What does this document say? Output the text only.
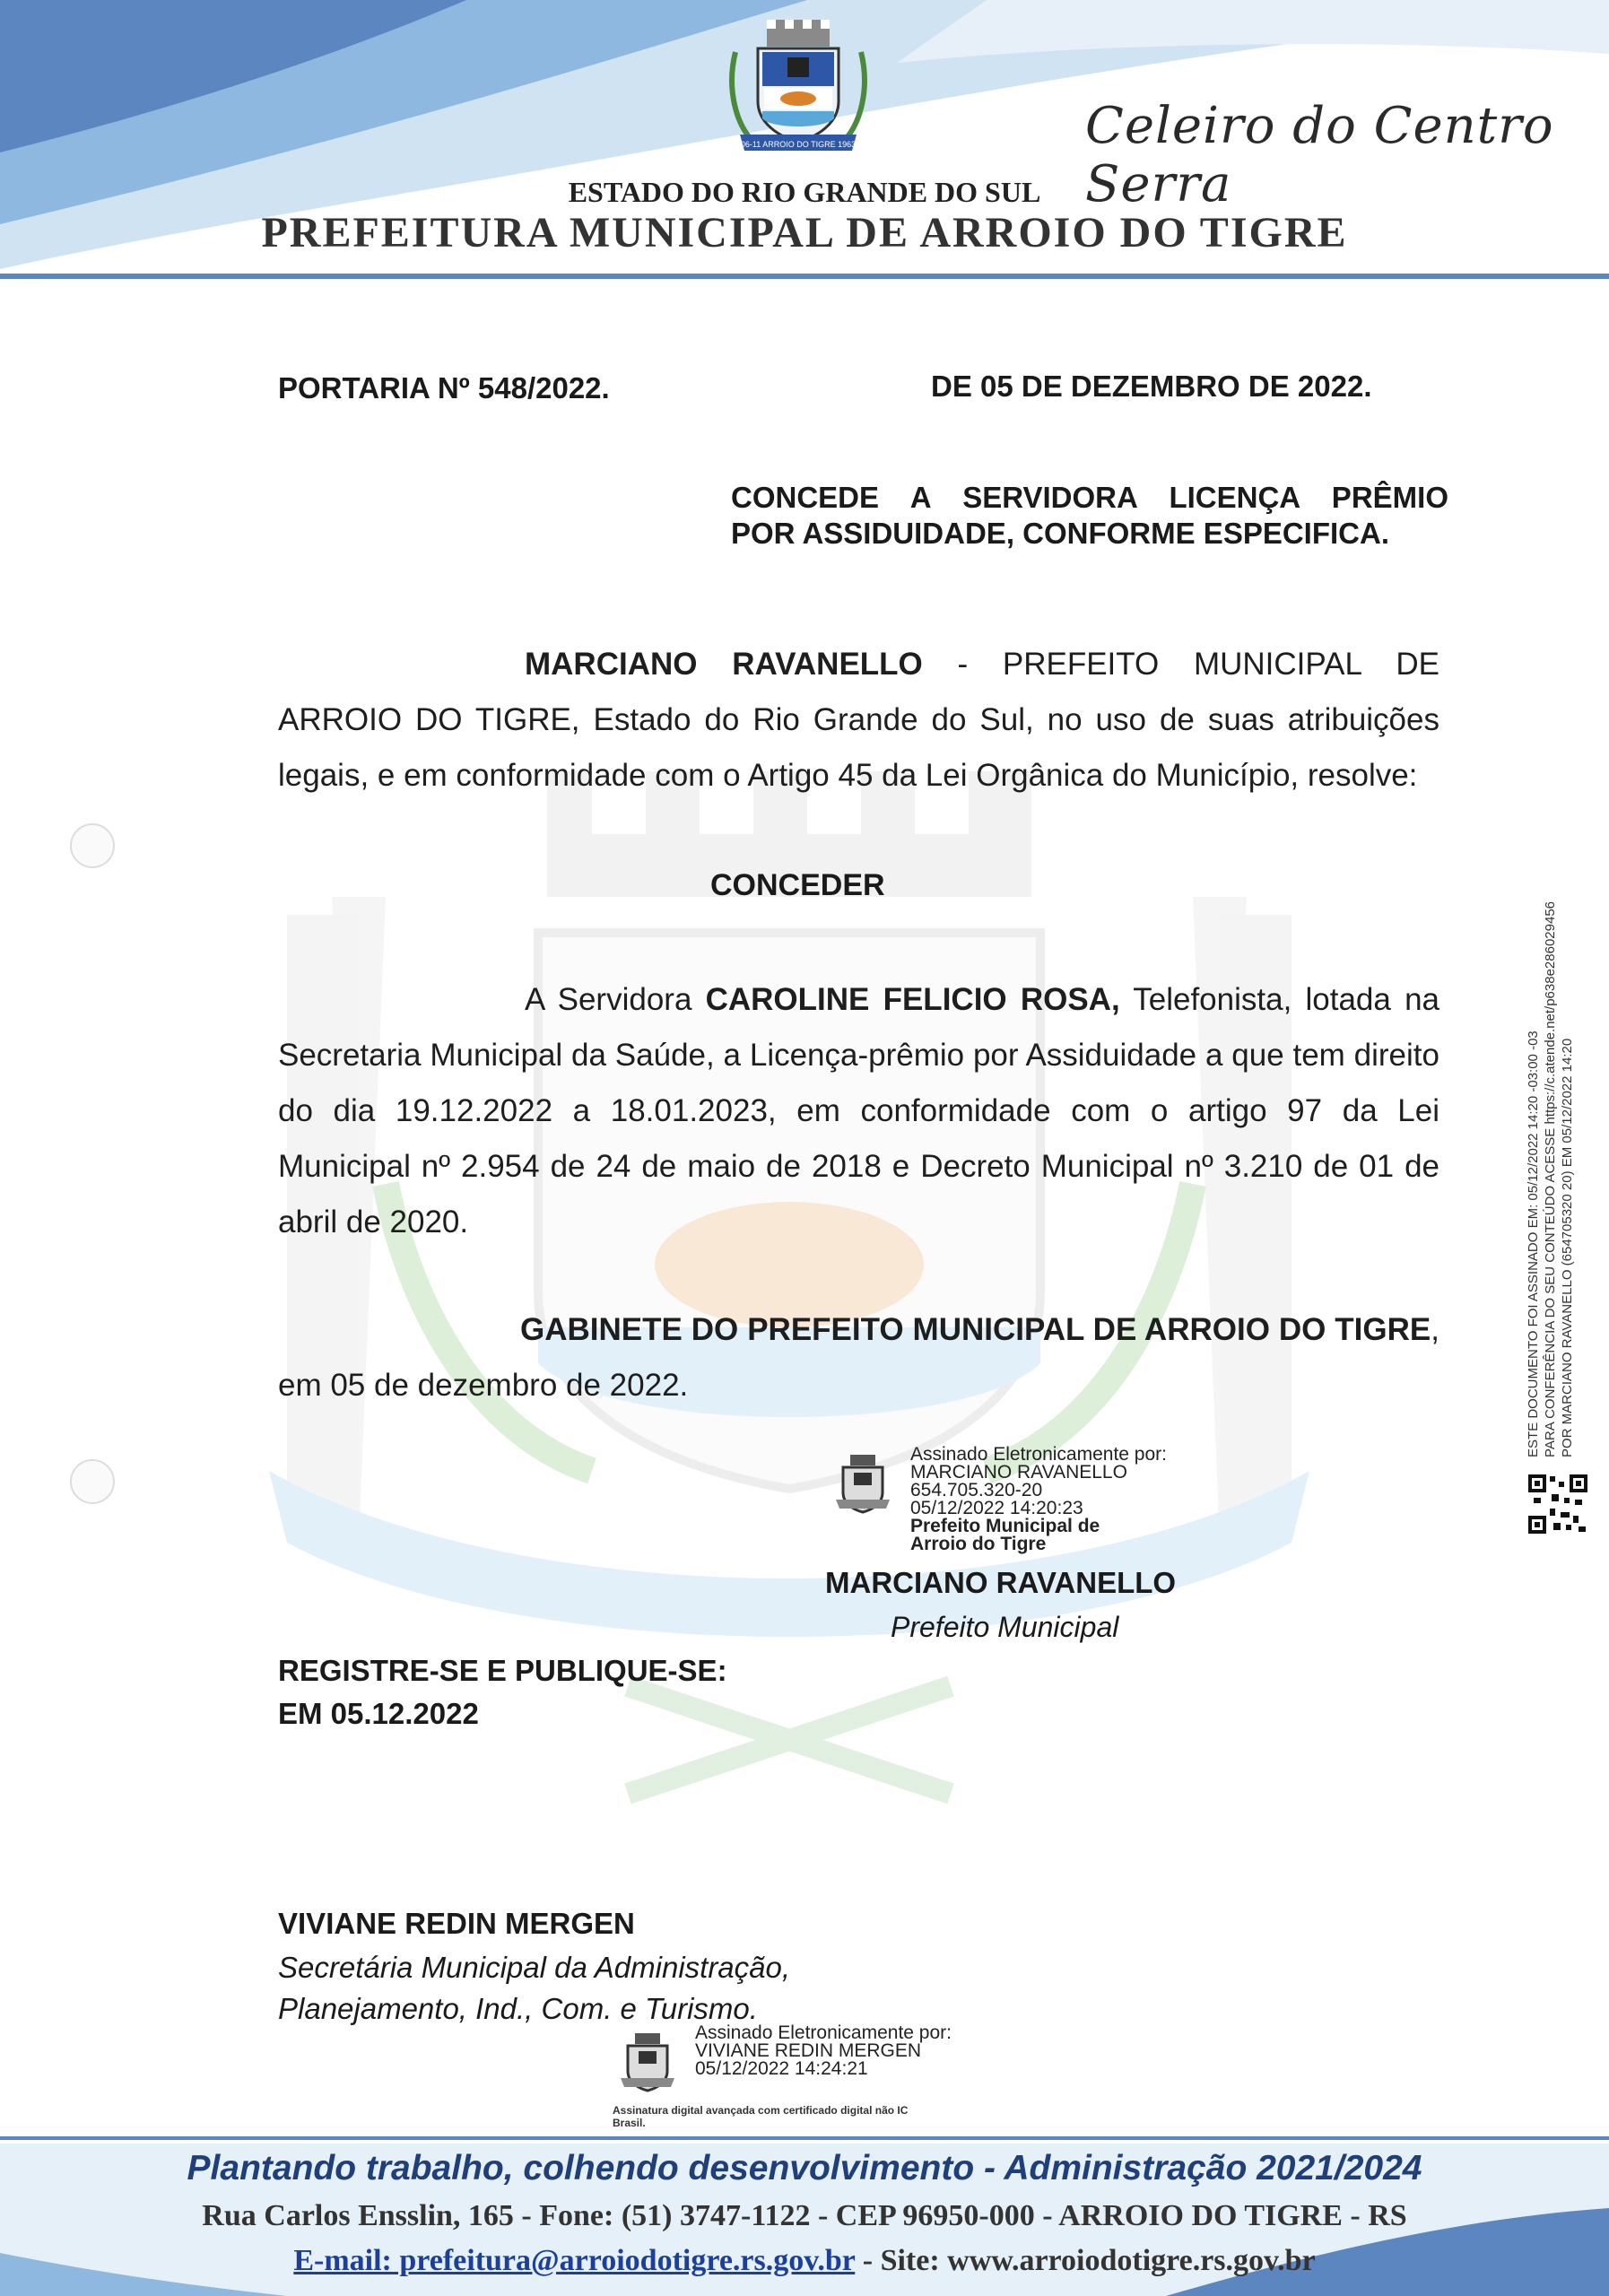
06-11 ARROIO DO TIGRE 1963	Celeiro do Centro Serra
ESTADO DO RIO GRANDE DO SUL
PREFEITURA MUNICIPAL DE ARROIO DO TIGRE
PORTARIA Nº 548/2022.	DE 05 DE DEZEMBRO DE 2022.
CONCEDE A SERVIDORA LICENÇA PRÊMIO
POR ASSIDUIDADE, CONFORME ESPECIFICA.
MARCIANO RAVANELLO - PREFEITO MUNICIPAL DE ARROIO DO TIGRE, Estado do Rio Grande do Sul, no uso de suas atribuições legais, e em conformidade com o Artigo 45 da Lei Orgânica do Município, resolve:
CONCEDER
A Servidora CAROLINE FELICIO ROSA, Telefonista, lotada na Secretaria Municipal da Saúde, a Licença-prêmio por Assiduidade a que tem direito do dia 19.12.2022 a 18.01.2023, em conformidade com o artigo 97 da Lei Municipal nº 2.954 de 24 de maio de 2018 e Decreto Municipal nº 3.210 de 01 de abril de 2020.
GABINETE DO PREFEITO MUNICIPAL DE ARROIO DO TIGRE, em 05 de dezembro de 2022.
Assinado Eletronicamente por:
MARCIANO RAVANELLO
654.705.320-20
05/12/2022 14:20:23
Prefeito Municipal de
Arroio do Tigre
MARCIANO RAVANELLO
Prefeito Municipal
REGISTRE-SE E PUBLIQUE-SE:
EM 05.12.2022
VIVIANE REDIN MERGEN
Secretária Municipal da Administração,
Planejamento, Ind., Com. e Turismo.
Assinado Eletronicamente por:
VIVIANE REDIN MERGEN
05/12/2022 14:24:21
Assinatura digital avançada com certificado digital não IC
Brasil.
ESTE DOCUMENTO FOI ASSINADO EM: 05/12/2022 14:20 -03:00 -03 PARA CONFERÊNCIA DO SEU CONTEÚDO ACESSE https://c.atende.net/p638e286029456 POR MARCIANO RAVANELLO (654705320 20) EM 05/12/2022 14:20
Plantando trabalho, colhendo desenvolvimento - Administração 2021/2024
Rua Carlos Ensslin, 165 - Fone: (51) 3747-1122 - CEP 96950-000 - ARROIO DO TIGRE - RS
E-mail: prefeitura@arroiodotigre.rs.gov.br - Site: www.arroiodotigre.rs.gov.br
